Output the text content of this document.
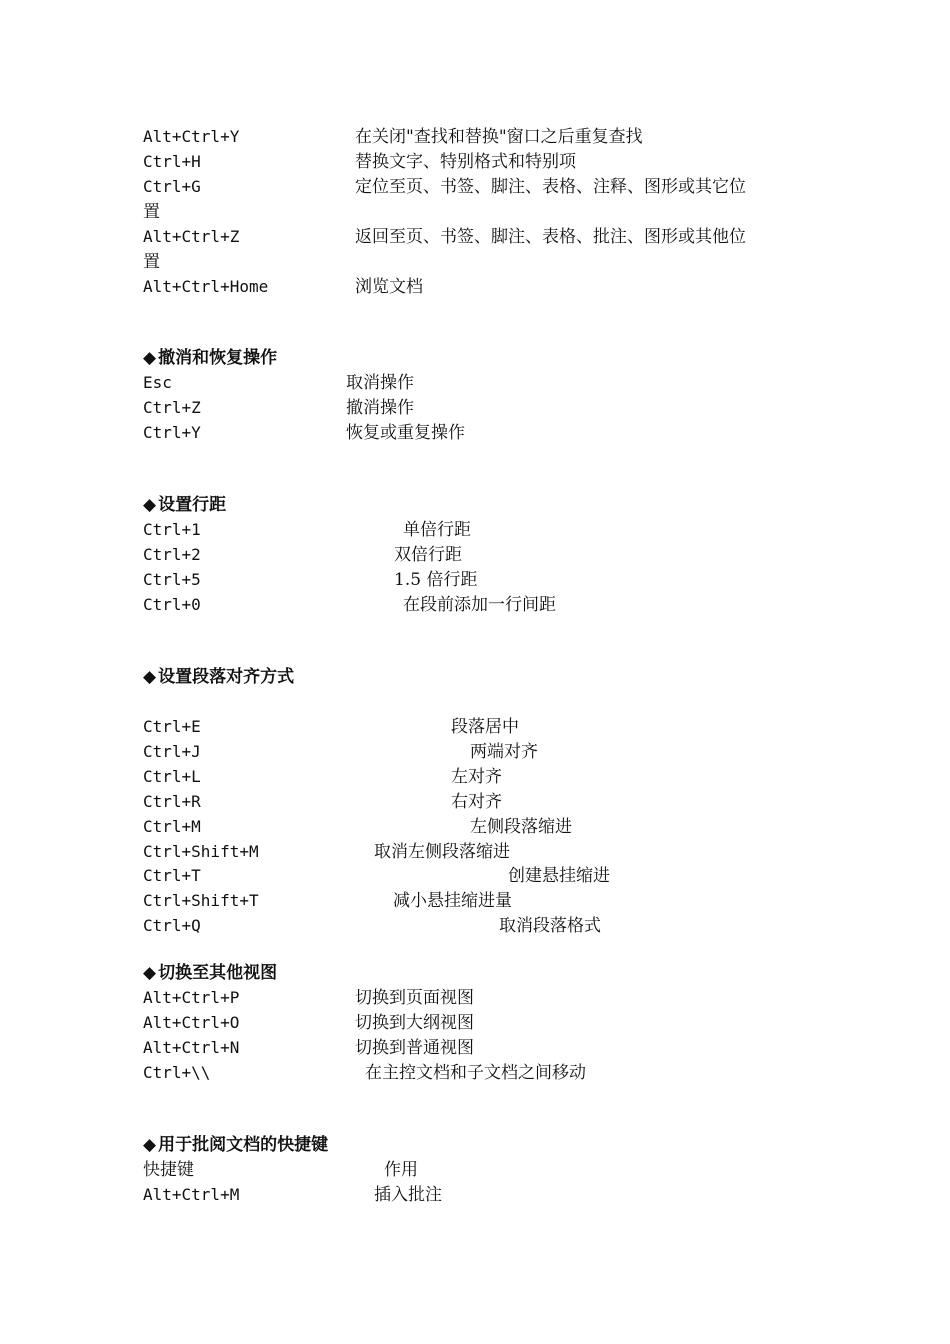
Alt+Ctrl+Y	在关闭"查找和替换"窗口之后重复查找
Ctrl+H	替换文字、特别格式和特别项
Ctrl+G	定位至页、书签、脚注、表格、注释、图形或其它位
置
Alt+Ctrl+Z	返回至页、书签、脚注、表格、批注、图形或其他位
置
Alt+Ctrl+Home	浏览文档
◆ 撤消和恢复操作
Esc	取消操作
Ctrl+Z	撤消操作
Ctrl+Y	恢复或重复操作
◆ 设置行距
Ctrl+1	单倍行距
Ctrl+2	双倍行距
Ctrl+5	1.5 倍行距
Ctrl+0	在段前添加一行间距
◆ 设置段落对齐方式
Ctrl+E	段落居中
Ctrl+J	两端对齐
Ctrl+L	左对齐
Ctrl+R	右对齐
Ctrl+M	左侧段落缩进
Ctrl+Shift+M	取消左侧段落缩进
Ctrl+T	创建悬挂缩进
Ctrl+Shift+T	减小悬挂缩进量
Ctrl+Q	取消段落格式
◆ 切换至其他视图
Alt+Ctrl+P	切换到页面视图
Alt+Ctrl+O	切换到大纲视图
Alt+Ctrl+N	切换到普通视图
Ctrl+\\	在主控文档和子文档之间移动
◆ 用于批阅文档的快捷键
快捷键	作用
Alt+Ctrl+M	插入批注
